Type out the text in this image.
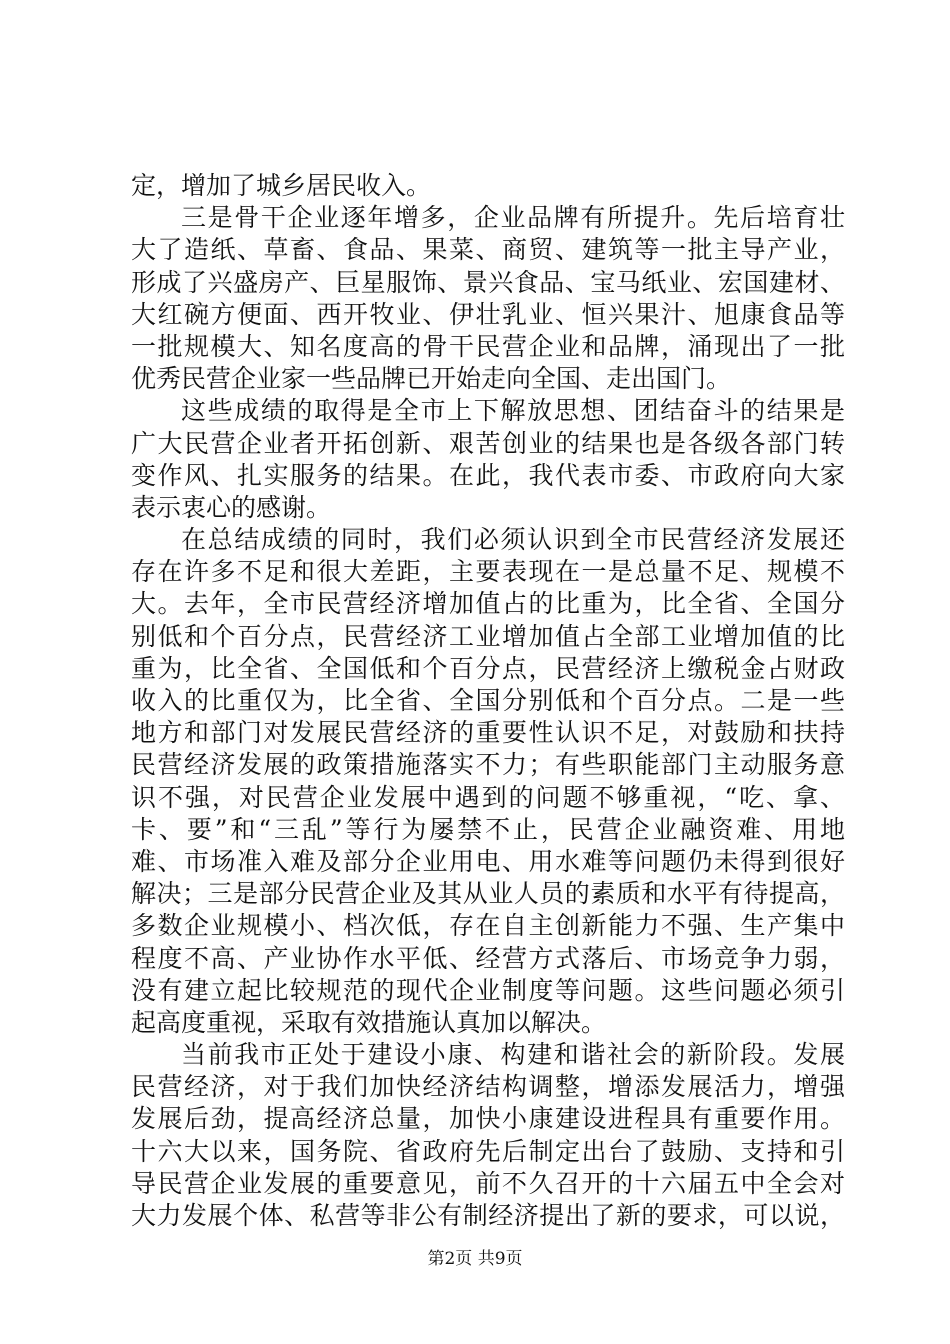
定，增加了城乡居民收入。
三是骨干企业逐年增多，企业品牌有所提升。先后培育壮
大了造纸、草畜、食品、果菜、商贸、建筑等一批主导产业，
形成了兴盛房产、巨星服饰、景兴食品、宝马纸业、宏国建材、
大红碗方便面、西开牧业、伊壮乳业、恒兴果汁、旭康食品等
一批规模大、知名度高的骨干民营企业和品牌，涌现出了一批
优秀民营企业家一些品牌已开始走向全国、走出国门。
这些成绩的取得是全市上下解放思想、团结奋斗的结果是
广大民营企业者开拓创新、艰苦创业的结果也是各级各部门转
变作风、扎实服务的结果。在此，我代表市委、市政府向大家
表示衷心的感谢。
在总结成绩的同时，我们必须认识到全市民营经济发展还
存在许多不足和很大差距，主要表现在一是总量不足、规模不
大。去年，全市民营经济增加值占的比重为，比全省、全国分
别低和个百分点，民营经济工业增加值占全部工业增加值的比
重为，比全省、全国低和个百分点，民营经济上缴税金占财政
收入的比重仅为，比全省、全国分别低和个百分点。二是一些
地方和部门对发展民营经济的重要性认识不足，对鼓励和扶持
民营经济发展的政策措施落实不力；有些职能部门主动服务意
识不强，对民营企业发展中遇到的问题不够重视，“吃、拿、
卡、要”和“三乱”等行为屡禁不止，民营企业融资难、用地
难、市场准入难及部分企业用电、用水难等问题仍未得到很好
解决；三是部分民营企业及其从业人员的素质和水平有待提高，
多数企业规模小、档次低，存在自主创新能力不强、生产集中
程度不高、产业协作水平低、经营方式落后、市场竞争力弱，
没有建立起比较规范的现代企业制度等问题。这些问题必须引
起高度重视，采取有效措施认真加以解决。
当前我市正处于建设小康、构建和谐社会的新阶段。发展
民营经济，对于我们加快经济结构调整，增添发展活力，增强
发展后劲，提高经济总量，加快小康建设进程具有重要作用。
十六大以来，国务院、省政府先后制定出台了鼓励、支持和引
导民营企业发展的重要意见，前不久召开的十六届五中全会对
大力发展个体、私营等非公有制经济提出了新的要求，可以说，
第2页 共9页
